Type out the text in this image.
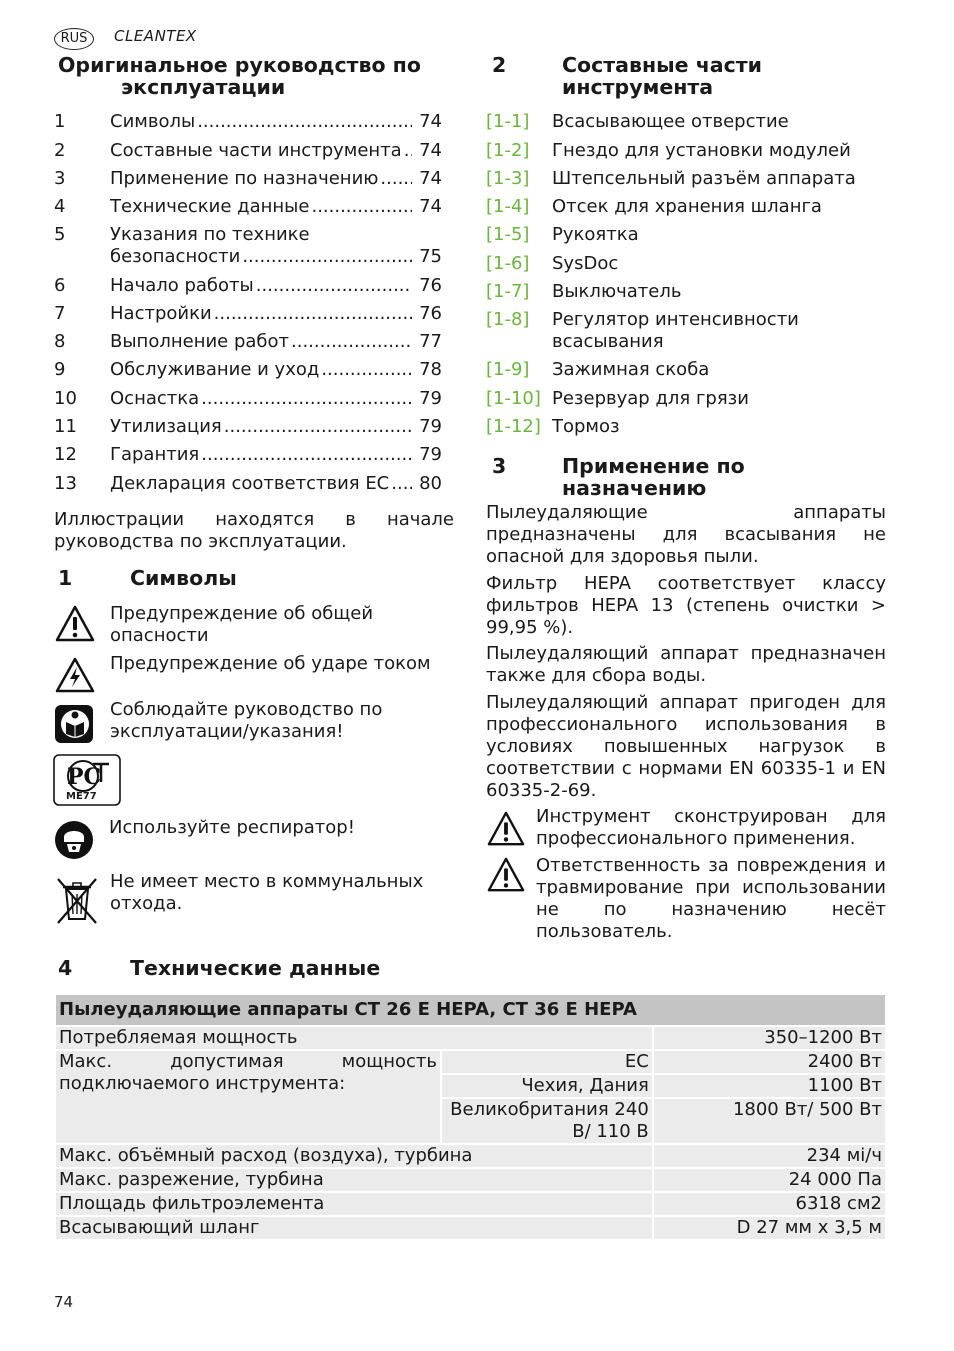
RUS	CLEANTEX
Оригинальное руководство по
эксплуатации
1 Символы .....	74
2 Составные части инструмента ..... 74
3 Применение по назначению ..... 74
4 Технические данные .....	74
5 Указания по технике
безопасности .....	75
6 Начало работы .....	76
7 Настройки .....	76
8 Выполнение работ .....	77
9 Обслуживание и уход .....	78
10 Оснастка .....	79
11 Утилизация .....	79
12 Гарантия .....	79
13 Декларация соответствия ЕС ..... 80
Иллюстрации находятся в начале руководства по эксплуатации.
1	Символы
Предупреждение об общей опасности
Предупреждение об ударе током
Соблюдайте руководство по эксплуатации/указания!
PC
ME77
Используйте респиратор!
Не имеет место в коммунальных отхода.
2	Составные части
инструмента
[1-1] Всасывающее отверстие
[1-2] Гнездо для установки модулей
[1-3] Штепсельный разъём аппарата
[1-4] Отсек для хранения шланга
[1-5] Рукоятка
[1-6] SysDoc
[1-7] Выключатель
[1-8] Регулятор интенсивности всасывания
[1-9] Зажимная скоба
[1-10] Резервуар для грязи
[1-12] Тормоз
3	Применение по
назначению
Пылеудаляющие аппараты предназначены для всасывания не опасной для здоровья пыли.
Фильтр HEPA соответствует классу фильтров HEPA 13 (степень очистки > 99,95 %).
Пылеудаляющий аппарат предназначен также для сбора воды.
Пылеудаляющий аппарат пригоден для профессионального использования в условиях повышенных нагрузок в соответствии с нормами EN 60335-1 и EN 60335-2-69.
Инструмент сконструирован для профессионального применения.
Ответственность за повреждения и травмирование при использовании не по назначению несёт пользователь.
4	Технические данные
Пылеудаляющие аппараты CT 26 E HEPA, CT 36 E HEPA		
Потребляемая мощность		350–1200 Вт
Макс. допустимая мощность подключаемого инструмента:	EC	2400 Вт
	Чехия, Дания	1100 Вт
	Великобритания 240 В/ 110 В	1800 Вт/ 500 Вт
Макс. объёмный расход (воздуха), турбина		234 мі/ч
Макс. разрежение, турбина		24 000 Па
Площадь фильтроэлемента		6318 см2
Всасывающий шланг		D 27 мм x 3,5 м
74
